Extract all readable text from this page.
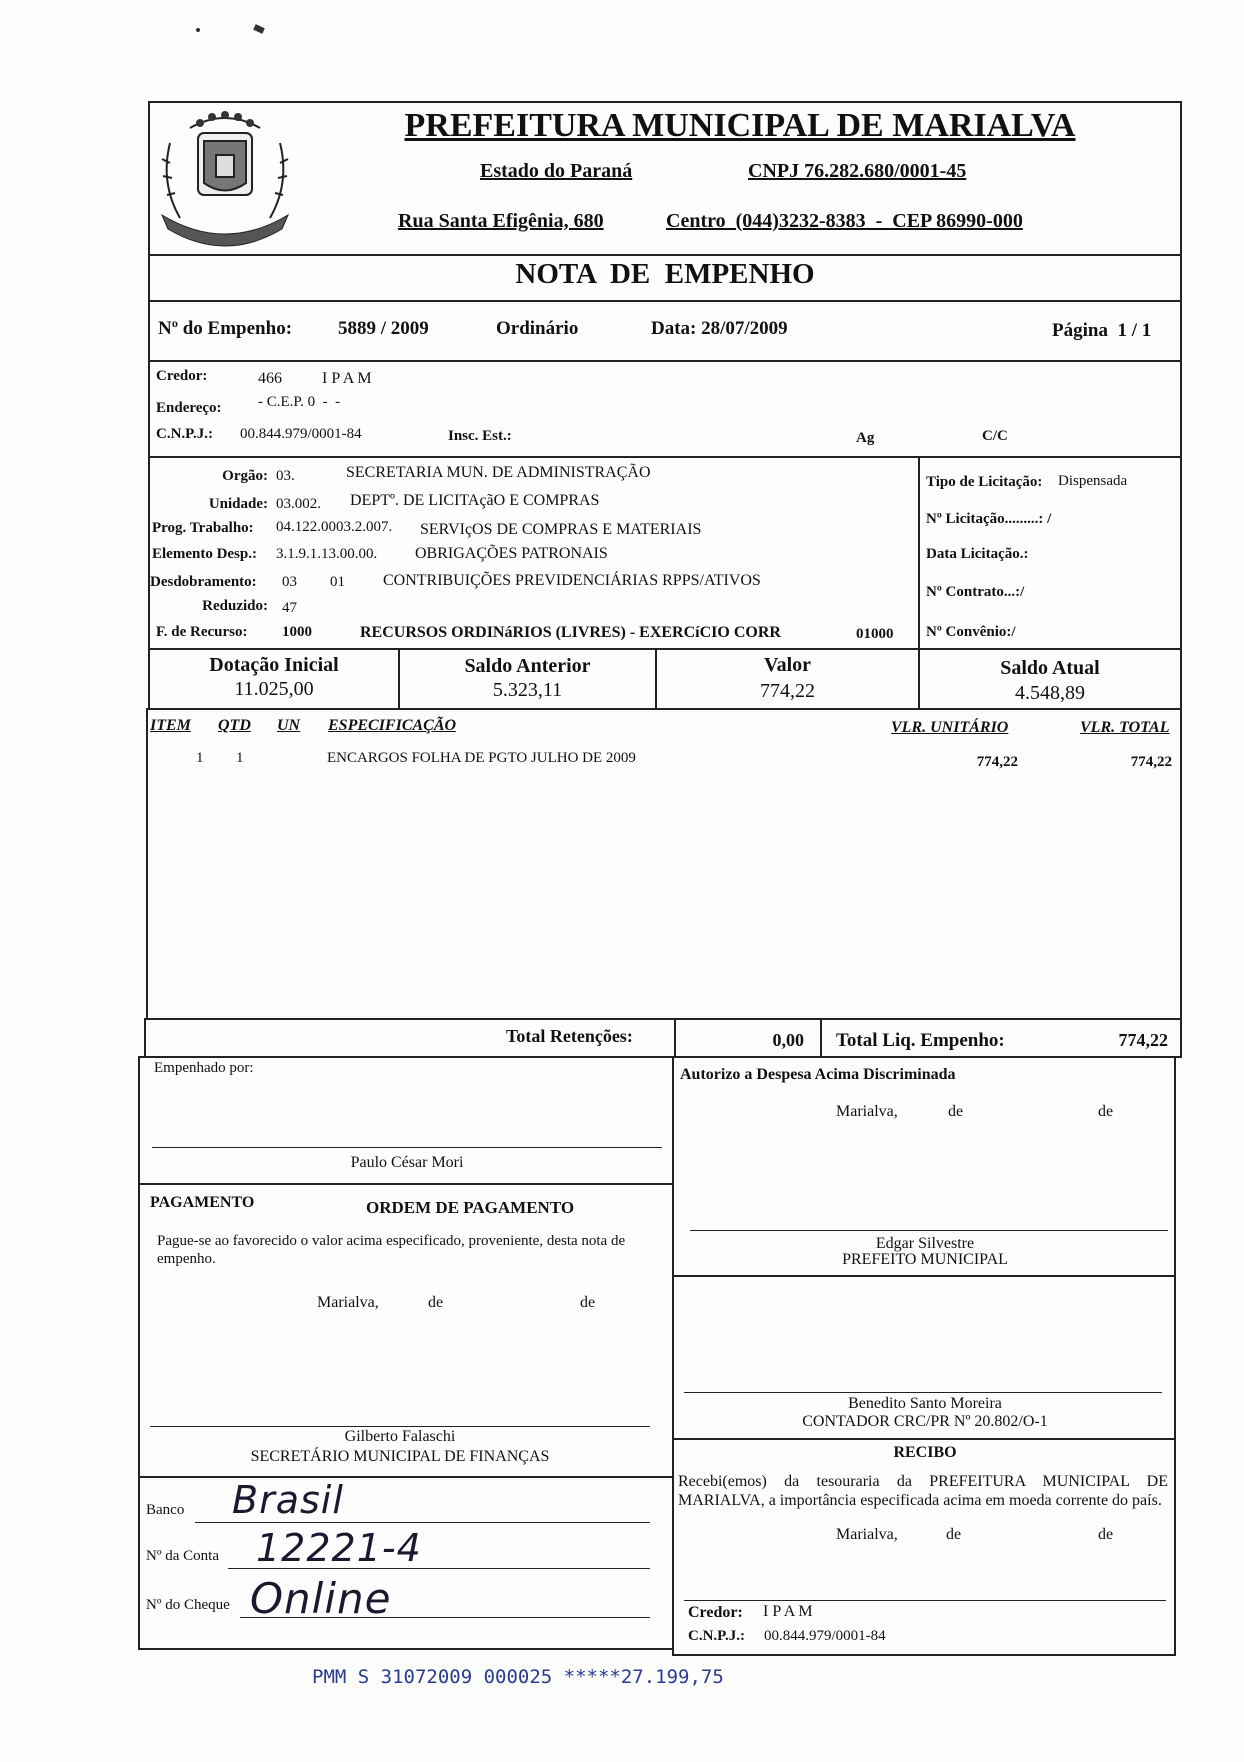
PREFEITURA MUNICIPAL DE MARIALVA
Estado do Paraná	CNPJ 76.282.680/0001-45
Rua Santa Efigênia, 680	Centro  (044)3232-8383  -  CEP 86990-000
NOTA  DE  EMPENHO
Nº do Empenho: 5889 / 2009	Ordinário	Data: 28/07/2009	Página  1 / 1
Credor:	466	I P A M
Endereço: - C.E.P. 0  -  -
C.N.P.J.: 00.844.979/0001-84	Insc. Est.:	Ag	C/C
Orgão: 03.	SECRETARIA MUN. DE ADMINISTRAÇÃO
Unidade: 03.002. DEPTº. DE LICITAçãO E COMPRAS
Prog. Trabalho: 04.122.0003.2.007. SERVIçOS DE COMPRAS E MATERIAIS
Elemento Desp.: 3.1.9.1.13.00.00. OBRIGAÇÕES PATRONAIS
Desdobramento: 03 01 CONTRIBUIÇÕES PREVIDENCIÁRIAS RPPS/ATIVOS
Reduzido: 47
F. de Recurso: 1000	RECURSOS ORDINáRIOS (LIVRES) - EXERCíCIO CORR	01000
Tipo de Licitação: Dispensada
Nº Licitação.........: /
Data Licitação.:
Nº Contrato...:/
Nº Convênio:/
Dotação Inicial
11.025,00
Saldo Anterior
5.323,11
Valor
774,22
Saldo Atual
4.548,89
ITEM QTD UN ESPECIFICAÇÃO	VLR. UNITÁRIO	VLR. TOTAL
1 1	ENCARGOS FOLHA DE PGTO JULHO DE 2009	774,22	774,22
Total Retenções:	0,00 Total Liq. Empenho:	774,22
Empenhado por:
Paulo César Mori
PAGAMENTO	ORDEM DE PAGAMENTO
Pague-se ao favorecido o valor acima especificado, proveniente, desta nota de empenho.
Marialva,	de	de
Gilberto Falaschi
SECRETÁRIO MUNICIPAL DE FINANÇAS
Banco Brasil
Nº da Conta 12221-4
Nº do Cheque Online
Autorizo a Despesa Acima Discriminada
Marialva,	de	de
Edgar Silvestre
PREFEITO MUNICIPAL
Benedito Santo Moreira
CONTADOR CRC/PR Nº 20.802/O-1
RECIBO
Recebi(emos) da tesouraria da PREFEITURA MUNICIPAL DE MARIALVA, a importância especificada acima em moeda corrente do país.
Marialva,	de	de
Credor: I P A M
C.N.P.J.: 00.844.979/0001-84
PMM S 31072009 000025 *****27.199,75
